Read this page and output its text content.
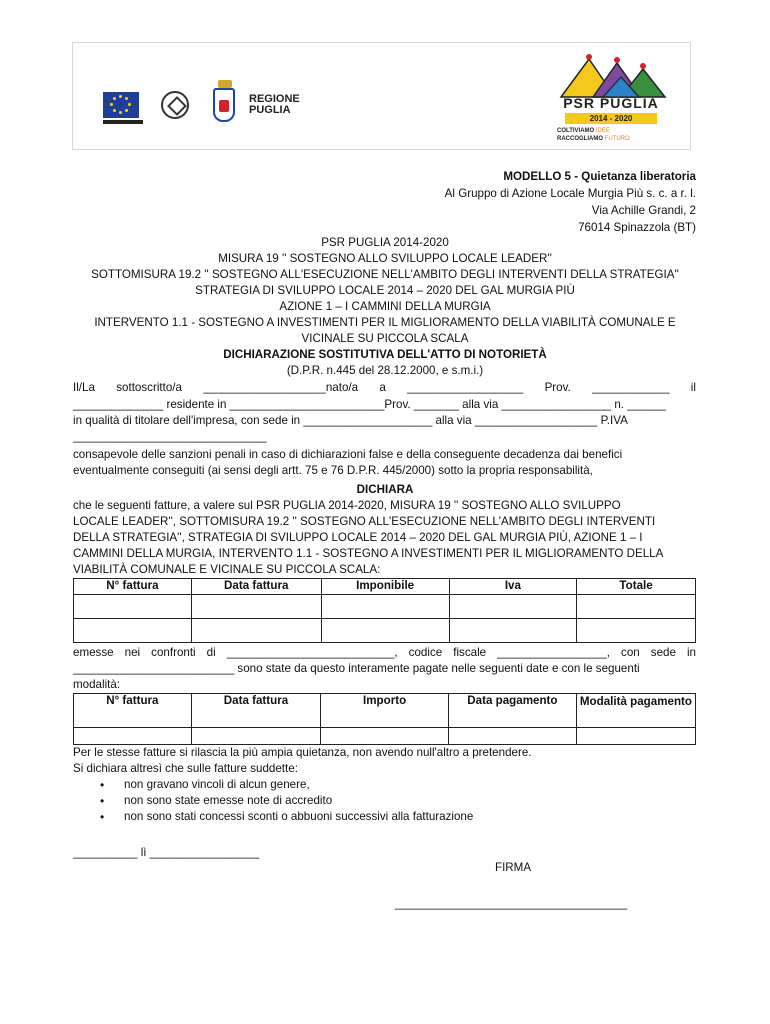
REGIONE
PUGLIA	PSR PUGLIA
2014 - 2020
COLTIVIAMO IDEE
RACCOGLIAMO FUTURO
MODELLO 5 - Quietanza liberatoria
Al Gruppo di Azione Locale Murgia Più s. c. a r. l.
Via Achille Grandi, 2
76014 Spinazzola (BT)
PSR PUGLIA 2014-2020
MISURA 19 '' SOSTEGNO ALLO SVILUPPO LOCALE LEADER''
SOTTOMISURA 19.2 '' SOSTEGNO ALL'ESECUZIONE NELL'AMBITO DEGLI INTERVENTI DELLA STRATEGIA''
STRATEGIA DI SVILUPPO LOCALE 2014 – 2020 DEL GAL MURGIA PIÙ
AZIONE 1 – I CAMMINI DELLA MURGIA
INTERVENTO 1.1 - SOSTEGNO A INVESTIMENTI PER IL MIGLIORAMENTO DELLA VIABILITÀ COMUNALE E
VICINALE SU PICCOLA SCALA
DICHIARAZIONE SOSTITUTIVA DELL'ATTO DI NOTORIETÀ
(D.P.R. n.445 del 28.12.2000, e s.m.i.)
Il/La sottoscritto/a ___________________nato/a a __________________ Prov. ____________ il
______________ residente in ________________________Prov. _______ alla via _________________ n. ______
in qualità di titolare dell'impresa, con sede in ____________________ alla via ___________________ P.IVA
______________________________
consapevole delle sanzioni penali in caso di dichiarazioni false e della conseguente decadenza dai benefici
eventualmente conseguiti (ai sensi degli artt. 75 e 76 D.P.R. 445/2000) sotto la propria responsabilità,
DICHIARA
che le seguenti fatture, a valere sul PSR PUGLIA 2014-2020, MISURA 19 '' SOSTEGNO ALLO SVILUPPO
LOCALE LEADER'', SOTTOMISURA 19.2 '' SOSTEGNO ALL'ESECUZIONE NELL'AMBITO DEGLI INTERVENTI
DELLA STRATEGIA'', STRATEGIA DI SVILUPPO LOCALE 2014 – 2020 DEL GAL MURGIA PIÙ, AZIONE 1 – I
CAMMINI DELLA MURGIA, INTERVENTO 1.1 - SOSTEGNO A INVESTIMENTI PER IL MIGLIORAMENTO DELLA
VIABILITÀ COMUNALE E VICINALE SU PICCOLA SCALA:
N° fattura	Data fattura	Imponibile	Iva	Totale

emesse nei confronti di __________________________, codice fiscale _________________, con sede in
_________________________ sono state da questo interamente pagate nelle seguenti date e con le seguenti
modalità:
N° fattura	Data fattura	Importo	Data pagamento	Modalità pagamento

Per le stesse fatture si rilascia la più ampia quietanza, non avendo null'altro a pretendere.
Si dichiara altresì che sulle fatture suddette:
• non gravano vincoli di alcun genere,
• non sono state emesse note di accredito
• non sono stati concessi sconti o abbuoni successivi alla fatturazione
__________ lì _________________
FIRMA
____________________________________
